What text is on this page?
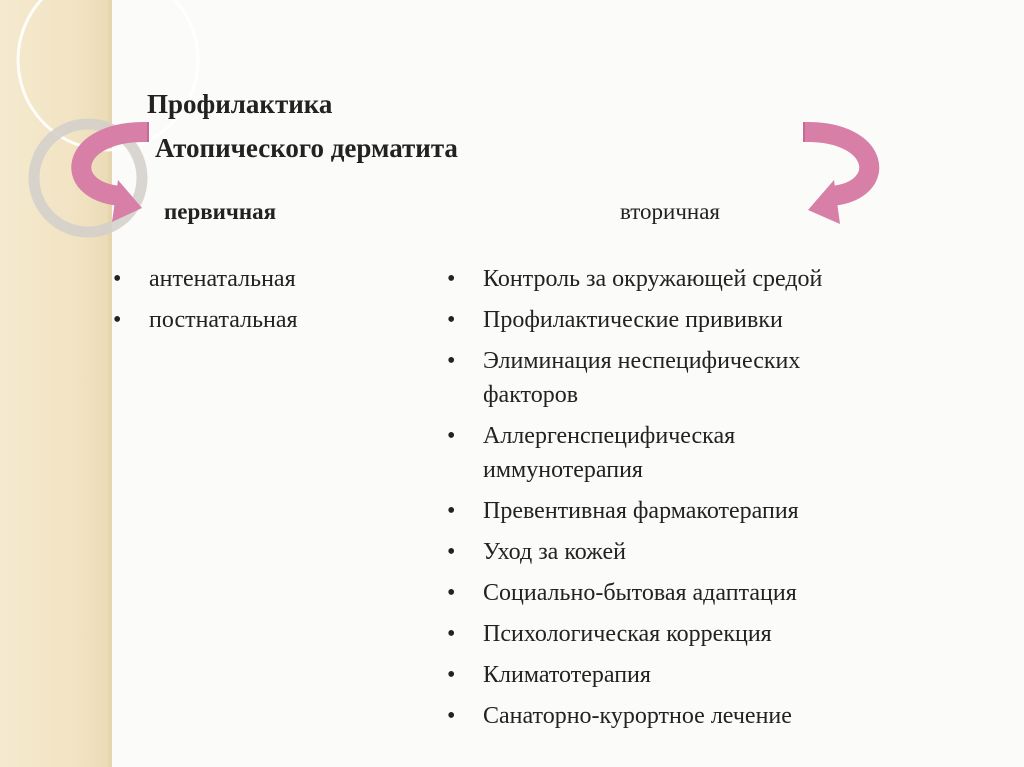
Профилактика
Атопического дерматита
первичная	вторичная
• антенатальная
• постнатальная
• Контроль за окружающей средой
• Профилактические прививки
• Элиминация неспецифических факторов
• Аллергенспецифическая иммунотерапия
• Превентивная фармакотерапия
• Уход за кожей
• Социально-бытовая адаптация
• Психологическая коррекция
• Климатотерапия
• Санаторно-курортное лечение
